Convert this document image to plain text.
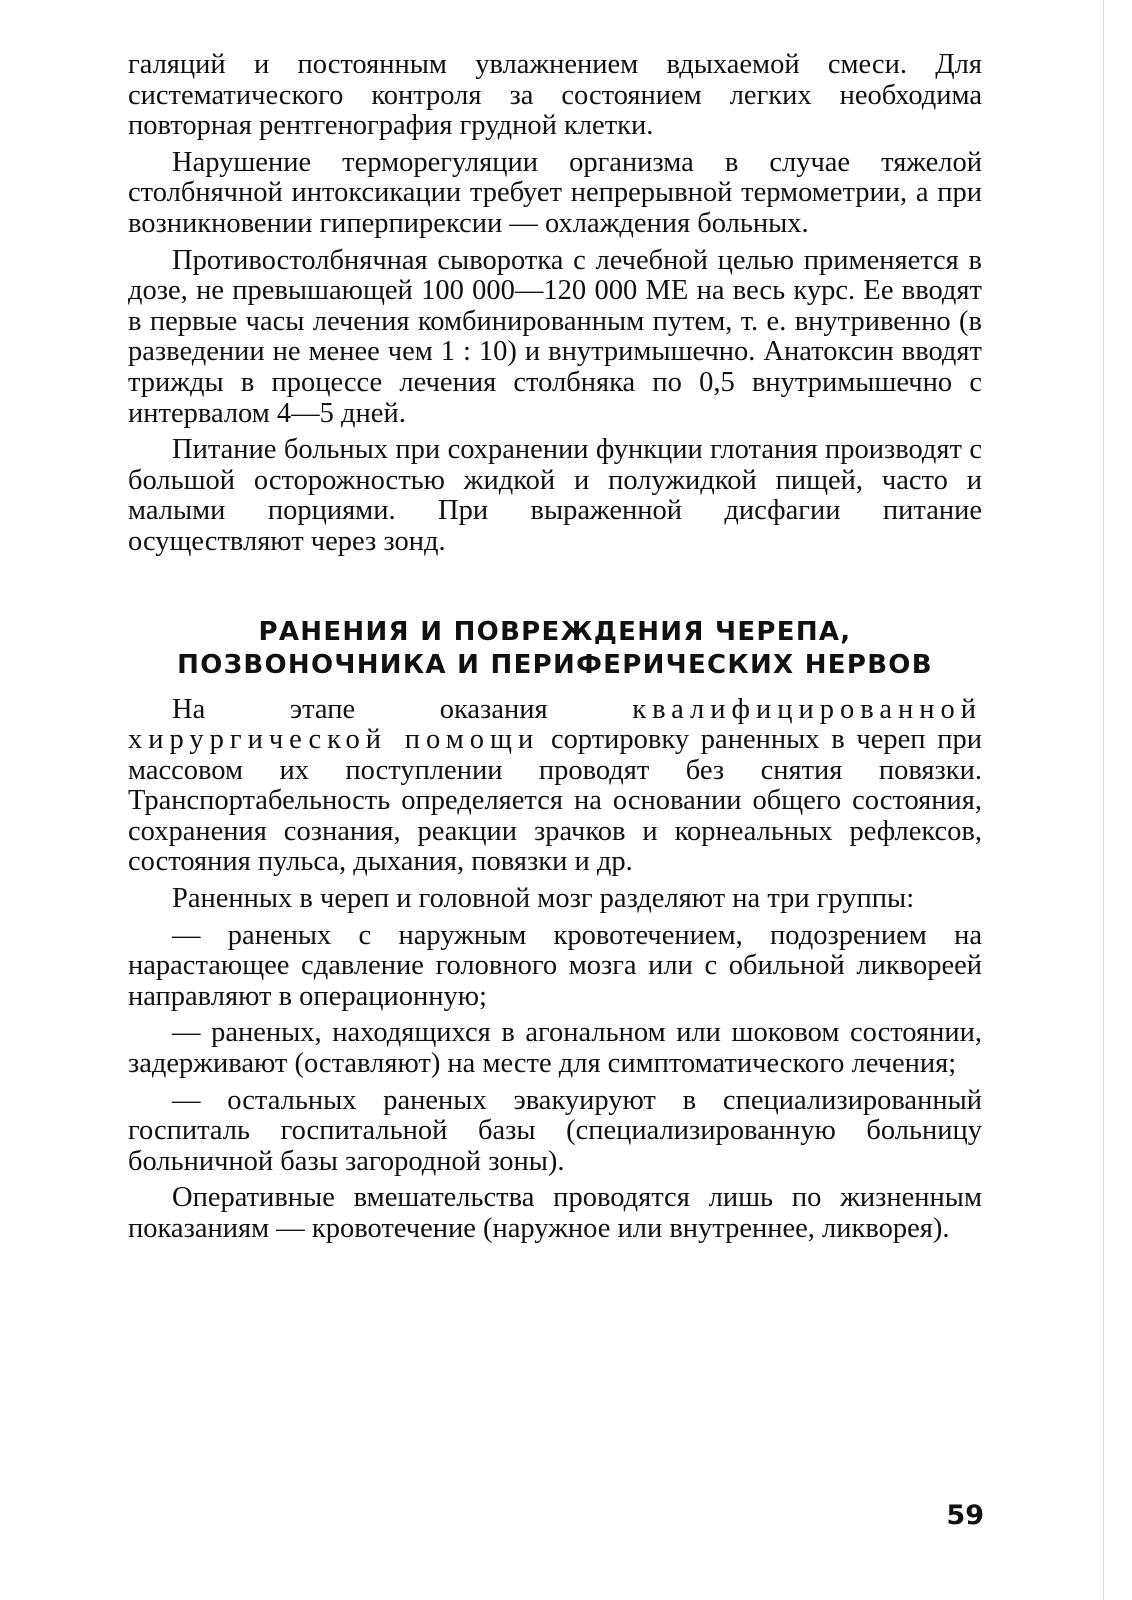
галяций и постоянным увлажнением вдыхаемой смеси. Для систематического контроля за состоянием легких необходима повторная рентгенография грудной клетки.

Нарушение терморегуляции организма в случае тяжелой столбнячной интоксикации требует непрерывной термометрии, а при возникновении гиперпирексии — охлаждения больных.

Противостолбнячная сыворотка с лечебной целью применяется в дозе, не превышающей 100 000—120 000 МЕ на весь курс. Ее вводят в первые часы лечения комбинированным путем, т. е. внутривенно (в разведении не менее чем 1 : 10) и внутримышечно. Анатоксин вводят трижды в процессе лечения столбняка по 0,5 внутримышечно с интервалом 4—5 дней.

Питание больных при сохранении функции глотания производят с большой осторожностью жидкой и полужидкой пищей, часто и малыми порциями. При выраженной дисфагии питание осуществляют через зонд.

РАНЕНИЯ И ПОВРЕЖДЕНИЯ ЧЕРЕПА,
ПОЗВОНОЧНИКА И ПЕРИФЕРИЧЕСКИХ НЕРВОВ

На этапе оказания квалифицированной хирургической помощи сортировку раненных в череп при массовом их поступлении проводят без снятия повязки. Транспортабельность определяется на основании общего состояния, сохранения сознания, реакции зрачков и корнеальных рефлексов, состояния пульса, дыхания, повязки и др.

Раненных в череп и головной мозг разделяют на три группы:

— раненых с наружным кровотечением, подозрением на нарастающее сдавление головного мозга или с обильной ликвореей направляют в операционную;

— раненых, находящихся в агональном или шоковом состоянии, задерживают (оставляют) на месте для симптоматического лечения;

— остальных раненых эвакуируют в специализированный госпиталь госпитальной базы (специализированную больницу больничной базы загородной зоны).

Оперативные вмешательства проводятся лишь по жизненным показаниям — кровотечение (наружное или внутреннее, ликворея).

59
